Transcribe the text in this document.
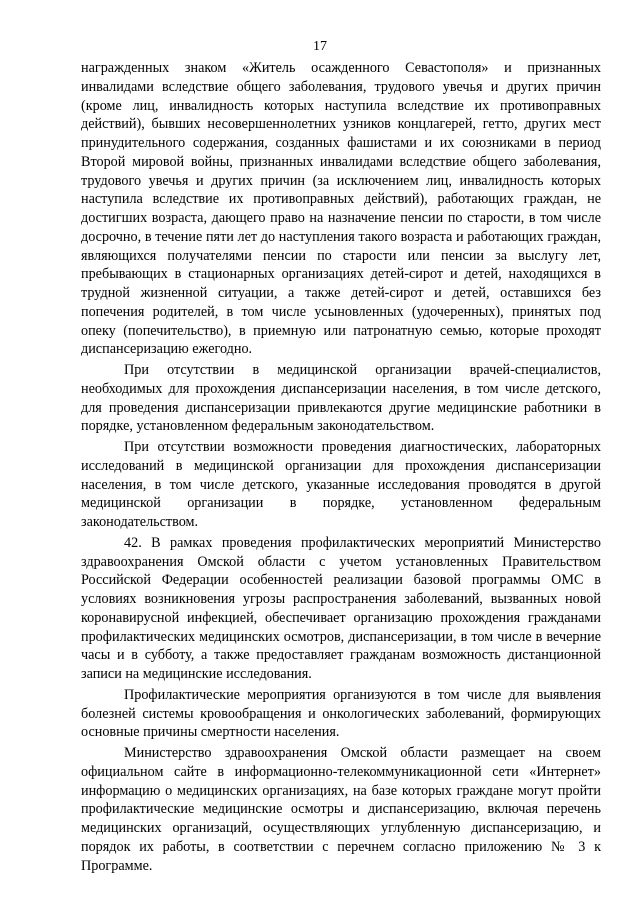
17

награжденных знаком «Житель осажденного Севастополя» и признанных инвалидами вследствие общего заболевания, трудового увечья и других причин (кроме лиц, инвалидность которых наступила вследствие их противоправных действий), бывших несовершеннолетних узников концлагерей, гетто, других мест принудительного содержания, созданных фашистами и их союзниками в период Второй мировой войны, признанных инвалидами вследствие общего заболевания, трудового увечья и других причин (за исключением лиц, инвалидность которых наступила вследствие их противоправных действий), работающих граждан, не достигших возраста, дающего право на назначение пенсии по старости, в том числе досрочно, в течение пяти лет до наступления такого возраста и работающих граждан, являющихся получателями пенсии по старости или пенсии за выслугу лет, пребывающих в стационарных организациях детей-сирот и детей, находящихся в трудной жизненной ситуации, а также детей-сирот и детей, оставшихся без попечения родителей, в том числе усыновленных (удочеренных), принятых под опеку (попечительство), в приемную или патронатную семью, которые проходят диспансеризацию ежегодно.

При отсутствии в медицинской организации врачей-специалистов, необходимых для прохождения диспансеризации населения, в том числе детского, для проведения диспансеризации привлекаются другие медицинские работники в порядке, установленном федеральным законодательством.

При отсутствии возможности проведения диагностических, лабораторных исследований в медицинской организации для прохождения диспансеризации населения, в том числе детского, указанные исследования проводятся в другой медицинской организации в порядке, установленном федеральным законодательством.

42. В рамках проведения профилактических мероприятий Министерство здравоохранения Омской области с учетом установленных Правительством Российской Федерации особенностей реализации базовой программы ОМС в условиях возникновения угрозы распространения заболеваний, вызванных новой коронавирусной инфекцией, обеспечивает организацию прохождения гражданами профилактических медицинских осмотров, диспансеризации, в том числе в вечерние часы и в субботу, а также предоставляет гражданам возможность дистанционной записи на медицинские исследования.

Профилактические мероприятия организуются в том числе для выявления болезней системы кровообращения и онкологических заболеваний, формирующих основные причины смертности населения.

Министерство здравоохранения Омской области размещает на своем официальном сайте в информационно-телекоммуникационной сети «Интернет» информацию о медицинских организациях, на базе которых граждане могут пройти профилактические медицинские осмотры и диспансеризацию, включая перечень медицинских организаций, осуществляющих углубленную диспансеризацию, и порядок их работы, в соответствии с перечнем согласно приложению № 3 к Программе.
